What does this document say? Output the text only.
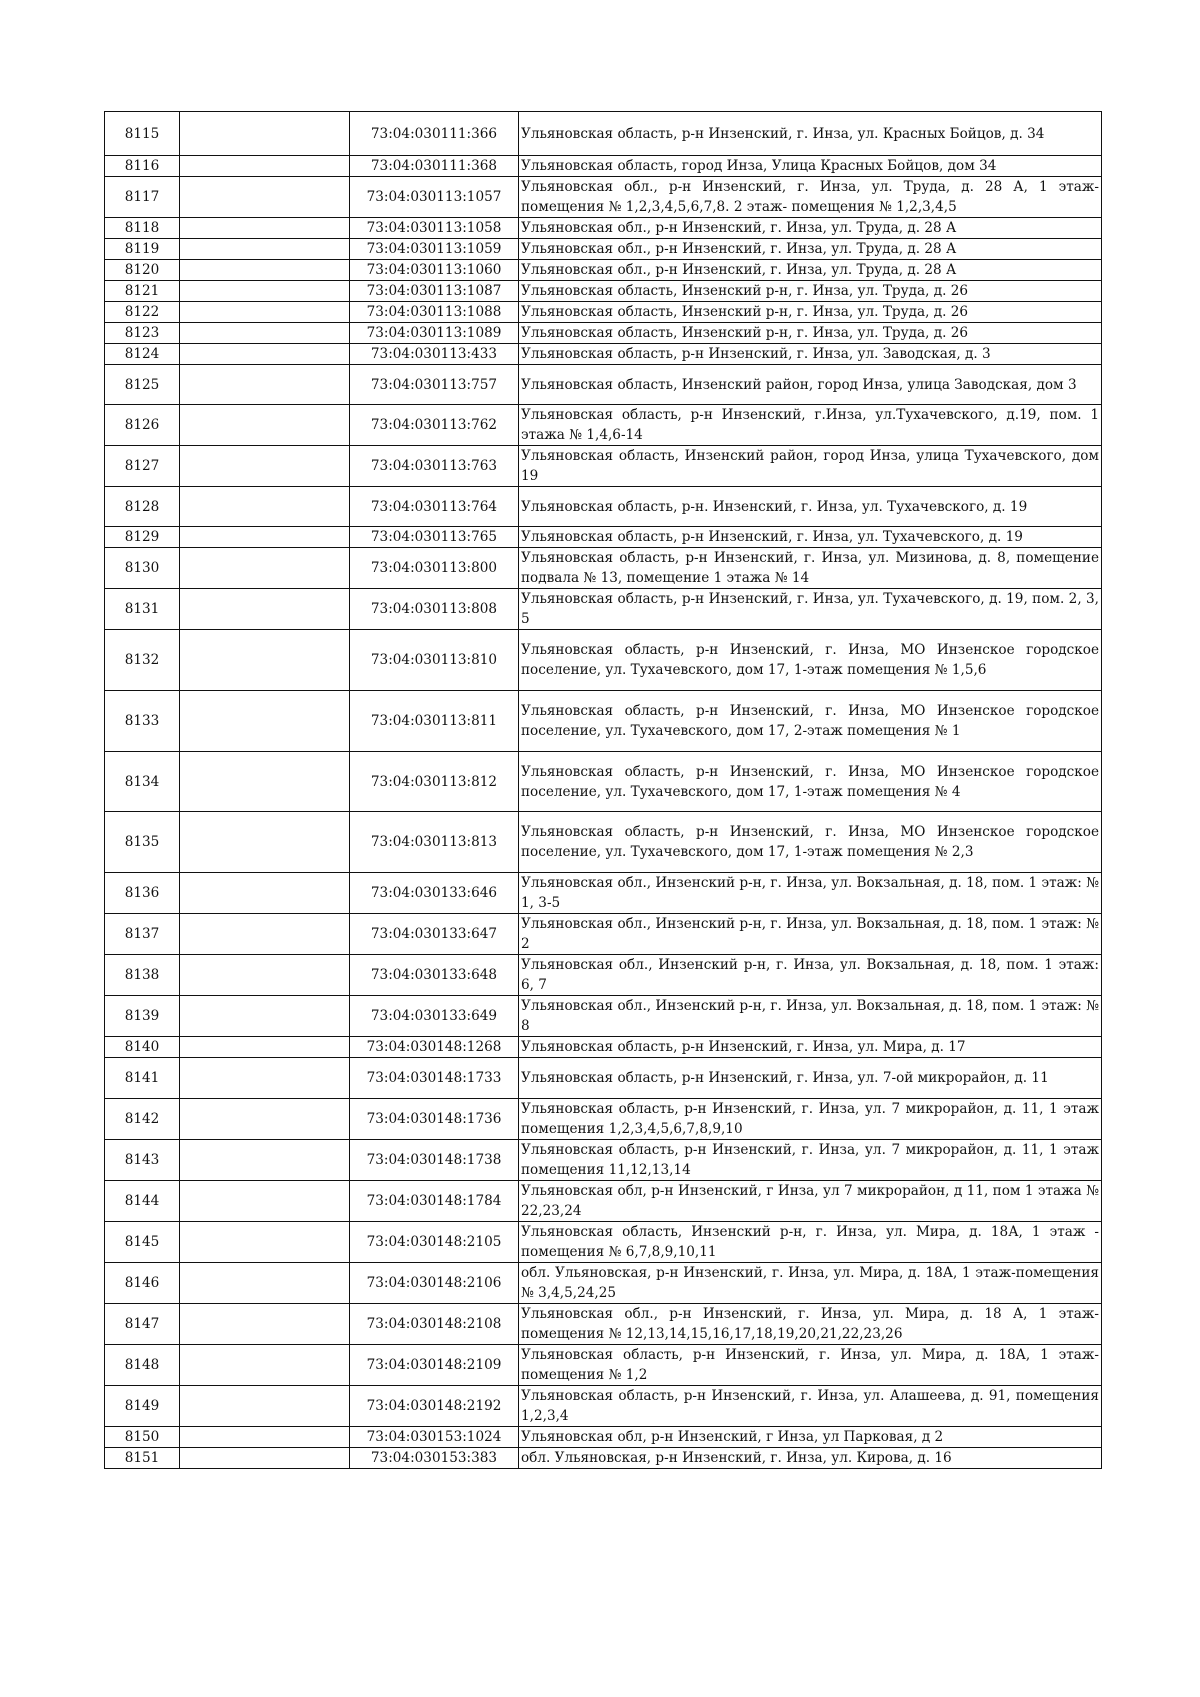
8115		73:04:030111:366	Ульяновская область, р-н Инзенский, г. Инза, ул. Красных Бойцов, д. 34
8116		73:04:030111:368	Ульяновская область, город Инза, Улица Красных Бойцов, дом 34
8117		73:04:030113:1057	Ульяновская обл., р-н Инзенский, г. Инза, ул. Труда, д. 28 А, 1 этаж-помещения № 1,2,3,4,5,6,7,8. 2 этаж- помещения № 1,2,3,4,5
8118		73:04:030113:1058	Ульяновская обл., р-н Инзенский, г. Инза, ул. Труда, д. 28 А
8119		73:04:030113:1059	Ульяновская обл., р-н Инзенский, г. Инза, ул. Труда, д. 28 А
8120		73:04:030113:1060	Ульяновская обл., р-н Инзенский, г. Инза, ул. Труда, д. 28 А
8121		73:04:030113:1087	Ульяновская область, Инзенский р-н, г. Инза, ул. Труда, д. 26
8122		73:04:030113:1088	Ульяновская область, Инзенский р-н, г. Инза, ул. Труда, д. 26
8123		73:04:030113:1089	Ульяновская область, Инзенский р-н, г. Инза, ул. Труда, д. 26
8124		73:04:030113:433	Ульяновская область, р-н Инзенский, г. Инза, ул. Заводская, д. 3
8125		73:04:030113:757	Ульяновская область, Инзенский район, город Инза, улица Заводская, дом 3
8126		73:04:030113:762	Ульяновская область, р-н Инзенский, г.Инза, ул.Тухачевского, д.19, пом. 1 этажа № 1,4,6-14
8127		73:04:030113:763	Ульяновская область, Инзенский район, город Инза, улица Тухачевского, дом 19
8128		73:04:030113:764	Ульяновская область, р-н. Инзенский, г. Инза, ул. Тухачевского, д. 19
8129		73:04:030113:765	Ульяновская область, р-н Инзенский, г. Инза, ул. Тухачевского, д. 19
8130		73:04:030113:800	Ульяновская область, р-н Инзенский, г. Инза, ул. Мизинова, д. 8, помещение подвала № 13, помещение 1 этажа № 14
8131		73:04:030113:808	Ульяновская область, р-н Инзенский, г. Инза, ул. Тухачевского, д. 19, пом. 2, 3, 5
8132		73:04:030113:810	Ульяновская область, р-н Инзенский, г. Инза, МО Инзенское городское поселение, ул. Тухачевского, дом 17, 1-этаж помещения № 1,5,6
8133		73:04:030113:811	Ульяновская область, р-н Инзенский, г. Инза, МО Инзенское городское поселение, ул. Тухачевского, дом 17, 2-этаж помещения № 1
8134		73:04:030113:812	Ульяновская область, р-н Инзенский, г. Инза, МО Инзенское городское поселение, ул. Тухачевского, дом 17, 1-этаж помещения № 4
8135		73:04:030113:813	Ульяновская область, р-н Инзенский, г. Инза, МО Инзенское городское поселение, ул. Тухачевского, дом 17, 1-этаж помещения № 2,3
8136		73:04:030133:646	Ульяновская обл., Инзенский р-н, г. Инза, ул. Вокзальная, д. 18, пом. 1 этаж: № 1, 3-5
8137		73:04:030133:647	Ульяновская обл., Инзенский р-н, г. Инза, ул. Вокзальная, д. 18, пом. 1 этаж: № 2
8138		73:04:030133:648	Ульяновская обл., Инзенский р-н, г. Инза, ул. Вокзальная, д. 18, пом. 1 этаж: 6, 7
8139		73:04:030133:649	Ульяновская обл., Инзенский р-н, г. Инза, ул. Вокзальная, д. 18, пом. 1 этаж: № 8
8140		73:04:030148:1268	Ульяновская область, р-н Инзенский, г. Инза, ул. Мира, д. 17
8141		73:04:030148:1733	Ульяновская область, р-н Инзенский, г. Инза, ул. 7-ой микрорайон, д. 11
8142		73:04:030148:1736	Ульяновская область, р-н Инзенский, г. Инза, ул. 7 микрорайон, д. 11, 1 этаж помещения 1,2,3,4,5,6,7,8,9,10
8143		73:04:030148:1738	Ульяновская область, р-н Инзенский, г. Инза, ул. 7 микрорайон, д. 11, 1 этаж помещения 11,12,13,14
8144		73:04:030148:1784	Ульяновская обл, р-н Инзенский, г Инза, ул 7 микрорайон, д 11, пом 1 этажа № 22,23,24
8145		73:04:030148:2105	Ульяновская область, Инзенский р-н, г. Инза, ул. Мира, д. 18А, 1 этаж - помещения № 6,7,8,9,10,11
8146		73:04:030148:2106	обл. Ульяновская, р-н Инзенский, г. Инза, ул. Мира, д. 18А, 1 этаж-помещения № 3,4,5,24,25
8147		73:04:030148:2108	Ульяновская обл., р-н Инзенский, г. Инза, ул. Мира, д. 18 А, 1 этаж-помещения № 12,13,14,15,16,17,18,19,20,21,22,23,26
8148		73:04:030148:2109	Ульяновская область, р-н Инзенский, г. Инза, ул. Мира, д. 18А, 1 этаж-помещения № 1,2
8149		73:04:030148:2192	Ульяновская область, р-н Инзенский, г. Инза, ул. Алашеева, д. 91, помещения 1,2,3,4
8150		73:04:030153:1024	Ульяновская обл, р-н Инзенский, г Инза, ул Парковая, д 2
8151		73:04:030153:383	обл. Ульяновская, р-н Инзенский, г. Инза, ул. Кирова, д. 16
